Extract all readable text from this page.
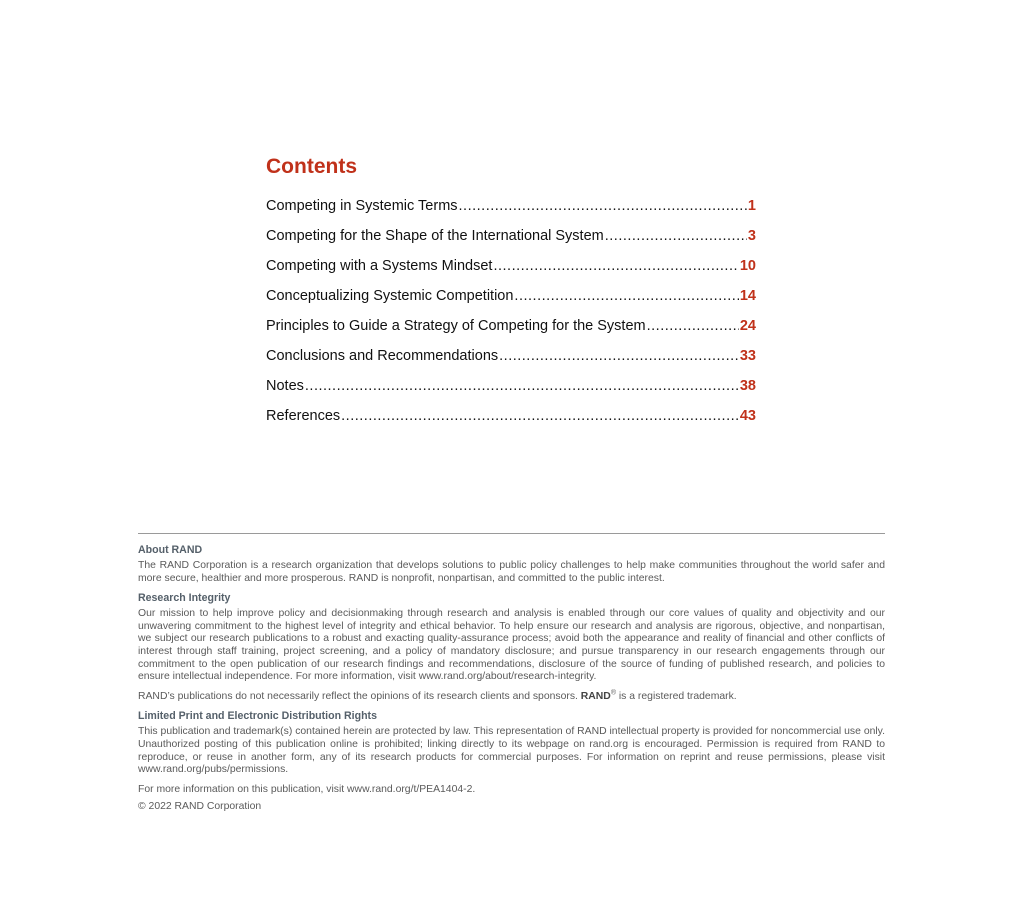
Contents
Competing in Systemic Terms .....	1
Competing for the Shape of the International System .....	3
Competing with a Systems Mindset .....	10
Conceptualizing Systemic Competition .....	14
Principles to Guide a Strategy of Competing for the System .....	24
Conclusions and Recommendations .....	33
Notes .....	38
References .....	43
About RAND

The RAND Corporation is a research organization that develops solutions to public policy challenges to help make communities throughout the world safer and more secure, healthier and more prosperous. RAND is nonprofit, nonpartisan, and committed to the public interest.

Research Integrity

Our mission to help improve policy and decisionmaking through research and analysis is enabled through our core values of quality and objectivity and our unwavering commitment to the highest level of integrity and ethical behavior. To help ensure our research and analysis are rigorous, objective, and nonpartisan, we subject our research publications to a robust and exacting quality-assurance process; avoid both the appearance and reality of financial and other conflicts of interest through staff training, project screening, and a policy of mandatory disclosure; and pursue transparency in our research engagements through our commitment to the open publication of our research findings and recommendations, disclosure of the source of funding of published research, and policies to ensure intellectual independence. For more information, visit www.rand.org/about/research-integrity.

RAND’s publications do not necessarily reflect the opinions of its research clients and sponsors. RAND® is a registered trademark.

Limited Print and Electronic Distribution Rights

This publication and trademark(s) contained herein are protected by law. This representation of RAND intellectual property is provided for noncommercial use only. Unauthorized posting of this publication online is prohibited; linking directly to its webpage on rand.org is encouraged. Permission is required from RAND to reproduce, or reuse in another form, any of its research products for commercial purposes. For information on reprint and reuse permissions, please visit www.rand.org/pubs/permissions.

For more information on this publication, visit www.rand.org/t/PEA1404-2.

© 2022 RAND Corporation
